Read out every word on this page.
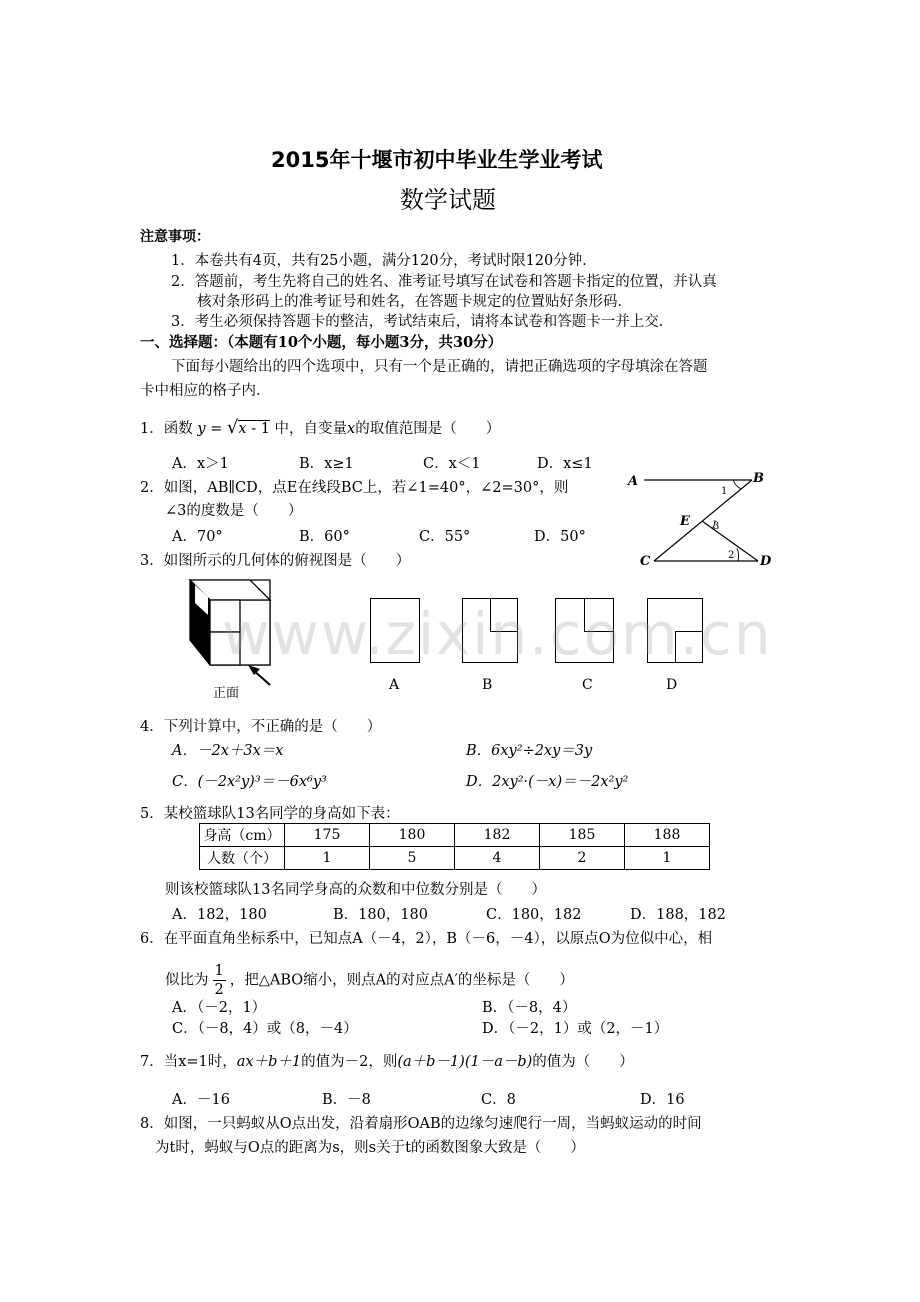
2015年十堰市初中毕业生学业考试
数学试题
注意事项：
1．本卷共有4页，共有25小题，满分120分，考试时限120分钟．
2．答题前，考生先将自己的姓名、准考证号填写在试卷和答题卡指定的位置，并认真
核对条形码上的准考证号和姓名，在答题卡规定的位置贴好条形码．
3．考生必须保持答题卡的整洁，考试结束后，请将本试卷和答题卡一并上交．
一、选择题：（本题有10个小题，每小题3分，共30分）
下面每小题给出的四个选项中，只有一个是正确的，请把正确选项的字母填涂在答题
卡中相应的格子内．
1．函数 y = √x - 1 中，自变量x的取值范围是（　　）
A．x＞1	B．x≥1	C．x＜1	D．x≤1
2．如图，AB∥CD，点E在线段BC上，若∠1=40°，∠2=30°，则
∠3的度数是（　　）
A．70°	B．60°	C．55°	D．50°
A	B
C	D
E
1
2
3
3．如图所示的几何体的俯视图是（　　）
正面
A	B	C	D
www.zixin.com.cn
4．下列计算中，不正确的是（　　）
A．－2x＋3x＝x	B．6xy²÷2xy＝3y
C．(－2x²y)³＝－6x⁶y³	D．2xy²·(－x)＝－2x²y²
5．某校篮球队13名同学的身高如下表：
身高（cm）	175	180	182	185	188
人数（个）	1	5	4	2	1
则该校篮球队13名同学身高的众数和中位数分别是（　　）
A．182，180	B．180，180	C．180，182	D．188，182
6．在平面直角坐标系中，已知点A（－4，2），B（－6，－4），以原点O为位似中心，相
似比为 $\frac{1}{2}$ ，把△ABO缩小，则点A的对应点A′的坐标是（　　）
A．（－2，1）	B．（－8，4）
C．（－8，4）或（8，－4）	D．（－2，1）或（2，－1）
7．当x=1时，ax＋b＋1的值为－2，则(a＋b－1)(1－a－b)的值为（　　）
A．－16	B．－8	C．8	D．16
8．如图，一只蚂蚁从O点出发，沿着扇形OAB的边缘匀速爬行一周，当蚂蚁运动的时间
为t时，蚂蚁与O点的距离为s，则s关于t的函数图象大致是（　　）
